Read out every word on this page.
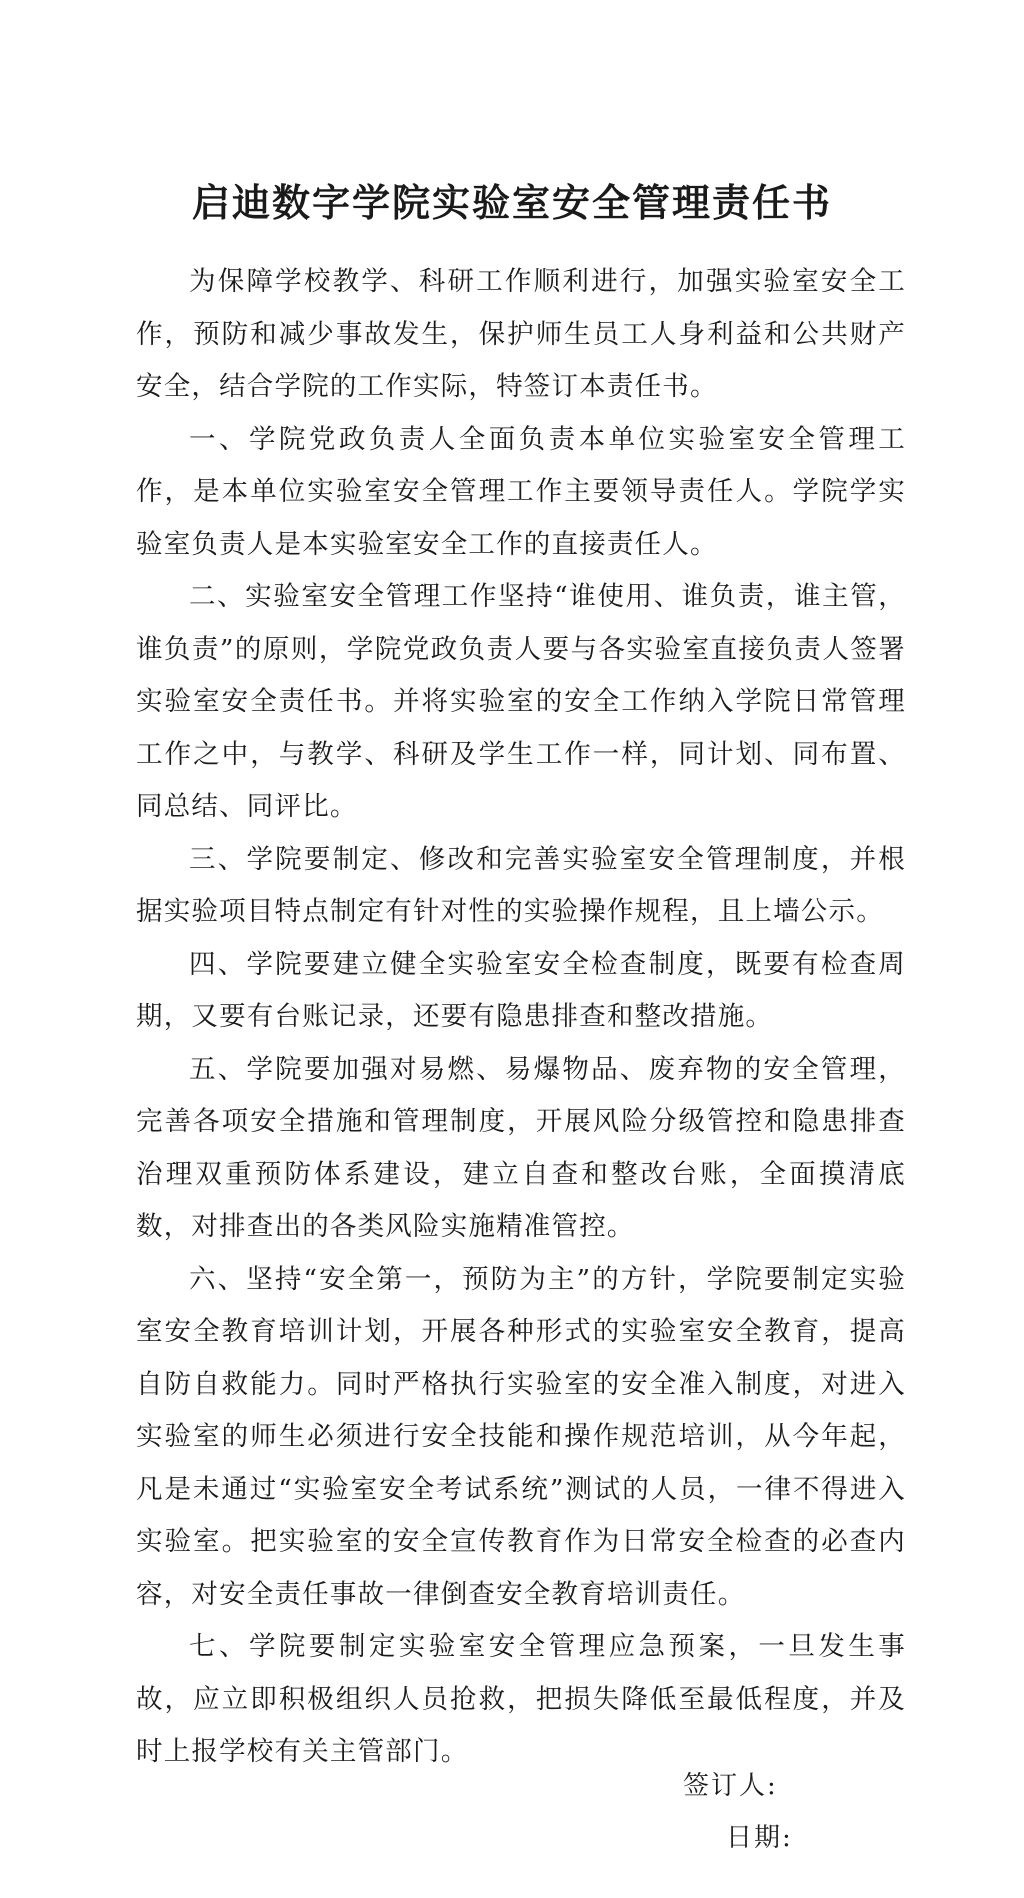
启迪数字学院实验室安全管理责任书

为保障学校教学、科研工作顺利进行，加强实验室安全工作，预防和减少事故发生，保护师生员工人身利益和公共财产安全，结合学院的工作实际，特签订本责任书。

一、学院党政负责人全面负责本单位实验室安全管理工作，是本单位实验室安全管理工作主要领导责任人。学院学实验室负责人是本实验室安全工作的直接责任人。

二、实验室安全管理工作坚持“谁使用、谁负责，谁主管，谁负责”的原则，学院党政负责人要与各实验室直接负责人签署实验室安全责任书。并将实验室的安全工作纳入学院日常管理工作之中，与教学、科研及学生工作一样，同计划、同布置、同总结、同评比。

三、学院要制定、修改和完善实验室安全管理制度，并根据实验项目特点制定有针对性的实验操作规程，且上墙公示。

四、学院要建立健全实验室安全检查制度，既要有检查周期，又要有台账记录，还要有隐患排查和整改措施。

五、学院要加强对易燃、易爆物品、废弃物的安全管理，完善各项安全措施和管理制度，开展风险分级管控和隐患排查治理双重预防体系建设，建立自查和整改台账，全面摸清底数，对排查出的各类风险实施精准管控。

六、坚持“安全第一，预防为主”的方针，学院要制定实验室安全教育培训计划，开展各种形式的实验室安全教育，提高自防自救能力。同时严格执行实验室的安全准入制度，对进入实验室的师生必须进行安全技能和操作规范培训，从今年起，凡是未通过“实验室安全考试系统”测试的人员，一律不得进入实验室。把实验室的安全宣传教育作为日常安全检查的必查内容，对安全责任事故一律倒查安全教育培训责任。

七、学院要制定实验室安全管理应急预案，一旦发生事故，应立即积极组织人员抢救，把损失降低至最低程度，并及时上报学校有关主管部门。

签订人:

日期:
